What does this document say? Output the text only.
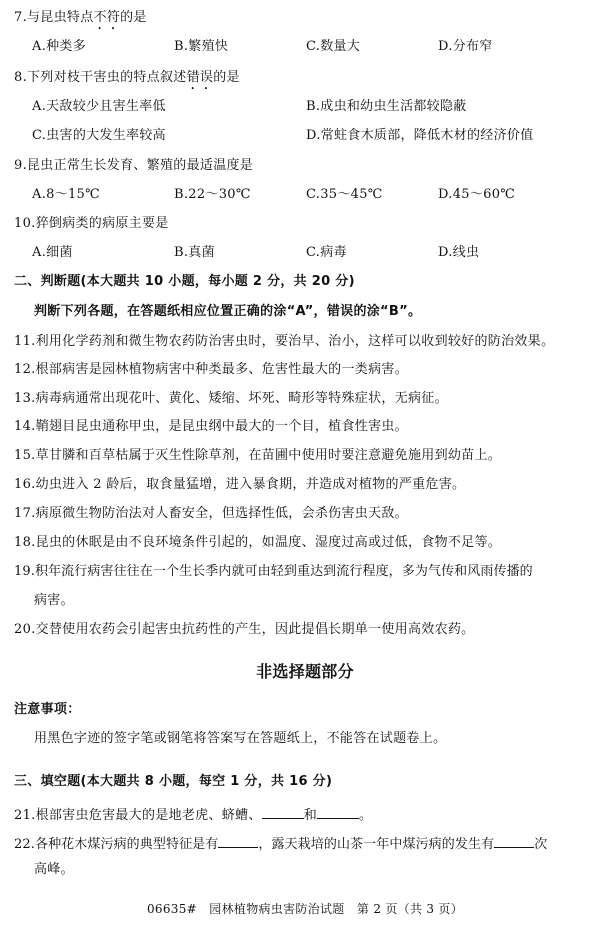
7.与昆虫特点不符的是
A.种类多	B.繁殖快	C.数量大	D.分布窄
8.下列对枝干害虫的特点叙述错误的是
A.天敌较少且害生率低	B.成虫和幼虫生活都较隐蔽
C.虫害的大发生率较高	D.常蛀食木质部，降低木材的经济价值
9.昆虫正常生长发育、繁殖的最适温度是
A.8～15℃	B.22～30℃	C.35～45℃	D.45～60℃
10.猝倒病类的病原主要是
A.细菌	B.真菌	C.病毒	D.线虫
二、判断题(本大题共 10 小题，每小题 2 分，共 20 分)
判断下列各题，在答题纸相应位置正确的涂“A”，错误的涂“B”。
11.利用化学药剂和微生物农药防治害虫时，要治早、治小，这样可以收到较好的防治效果。
12.根部病害是园林植物病害中种类最多、危害性最大的一类病害。
13.病毒病通常出现花叶、黄化、矮缩、坏死、畸形等特殊症状，无病征。
14.鞘翅目昆虫通称甲虫，是昆虫纲中最大的一个目，植食性害虫。
15.草甘膦和百草枯属于灭生性除草剂，在苗圃中使用时要注意避免施用到幼苗上。
16.幼虫进入 2 龄后，取食量猛增，进入暴食期，并造成对植物的严重危害。
17.病原微生物防治法对人畜安全，但选择性低，会杀伤害虫天敌。
18.昆虫的休眠是由不良环境条件引起的，如温度、湿度过高或过低，食物不足等。
19.积年流行病害往往在一个生长季内就可由轻到重达到流行程度，多为气传和风雨传播的
病害。
20.交替使用农药会引起害虫抗药性的产生，因此提倡长期单一使用高效农药。
非选择题部分
注意事项：
用黑色字迹的签字笔或钢笔将答案写在答题纸上，不能答在试题卷上。
三、填空题(本大题共 8 小题，每空 1 分，共 16 分)
21.根部害虫危害最大的是地老虎、蛴螬、	和	。
22.各种花木煤污病的典型特征是有	，露天栽培的山茶一年中煤污病的发生有	次
高峰。
06635#　园林植物病虫害防治试题　第 2 页（共 3 页）
